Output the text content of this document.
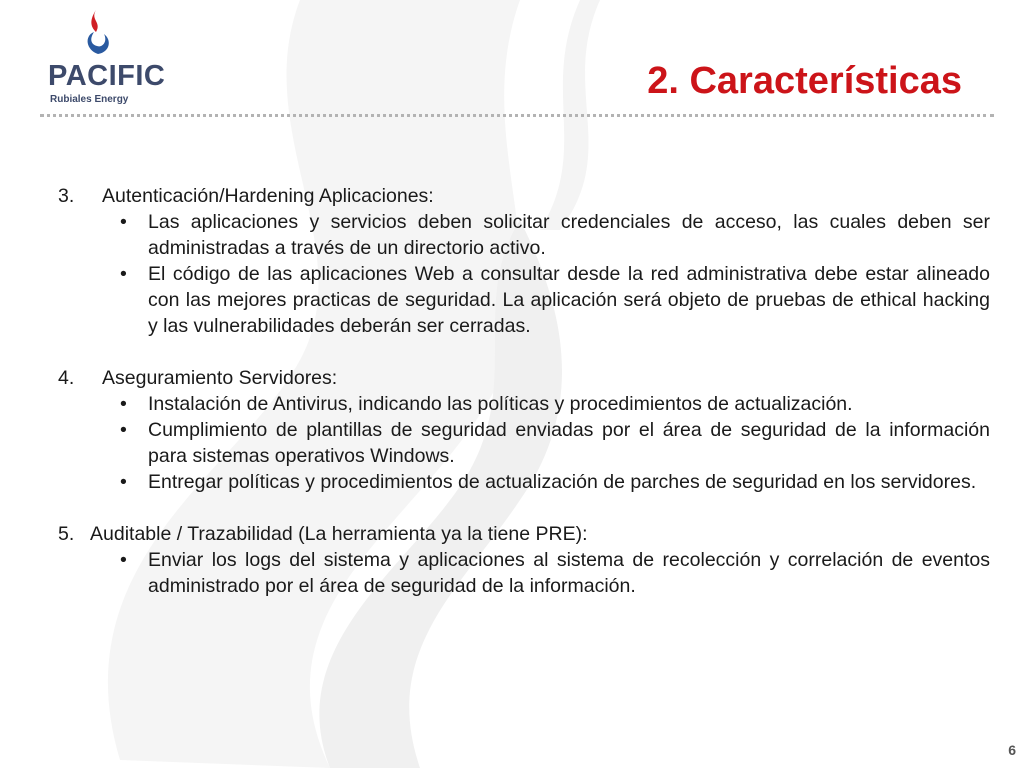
PACIFIC
Rubiales Energy	2. Características
3.	Autenticación/Hardening Aplicaciones:
•	Las aplicaciones y servicios deben solicitar credenciales de acceso, las cuales deben ser administradas a través de un directorio activo.
•	El código de las aplicaciones Web a consultar desde la red administrativa debe estar alineado con las mejores practicas de seguridad. La aplicación será objeto de pruebas de ethical hacking y las vulnerabilidades deberán ser cerradas.
4.	Aseguramiento Servidores:
•	Instalación de Antivirus, indicando las políticas y procedimientos de actualización.
•	Cumplimiento de plantillas de seguridad enviadas por el área de seguridad de la información para sistemas operativos Windows.
•	Entregar políticas y procedimientos de actualización de parches de seguridad en los servidores.
5. Auditable / Trazabilidad (La herramienta ya la tiene PRE):
•	Enviar los logs del sistema y aplicaciones al sistema de recolección y correlación de eventos administrado por el área de seguridad de la información.
6
